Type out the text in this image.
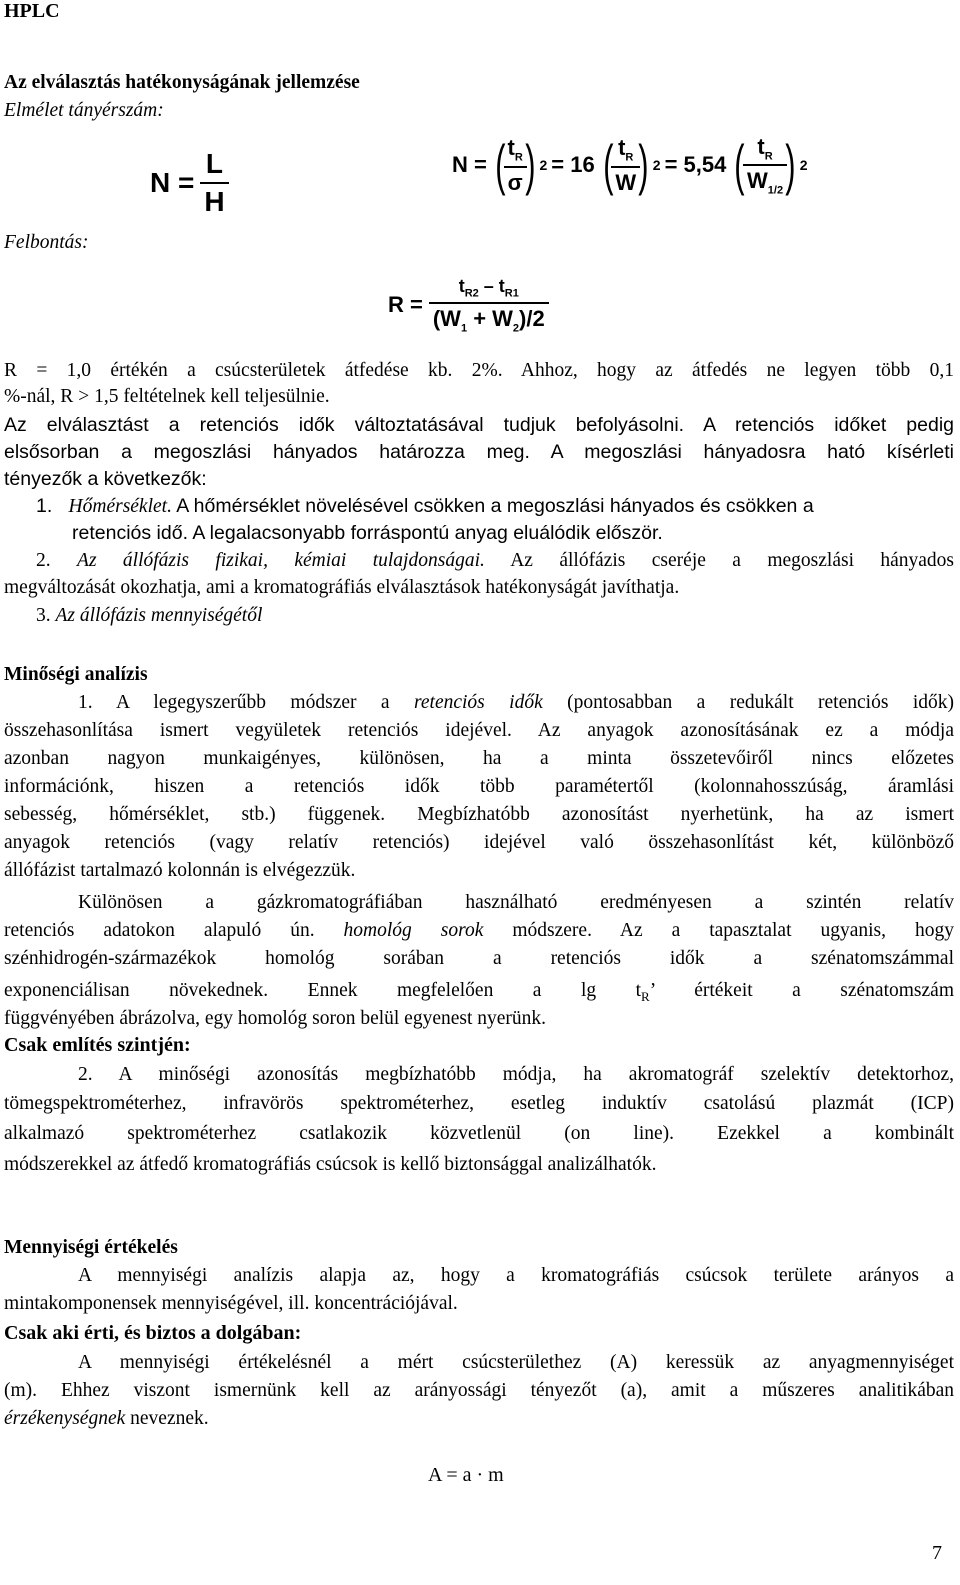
HPLC
Az elválasztás hatékonyságának jellemzése
Elmélet tányérszám:
$N = \frac{L}{H}$	N = (
$\frac{t_R}{\sigma}$
) 2 = 16 (
$\frac{t_R}{W}$
) 2 = 5,54 (
$\frac{t_R}{W_{1/2}}$
) 2
Felbontás:
$R = \frac{t_{R2} - t_{R1}}{(W_1 + W_2)/2}$
R = 1,0 értékén a csúcsterületek átfedése kb. 2%. Ahhoz, hogy az átfedés ne legyen több 0,1
%-nál, R > 1,5 feltételnek kell teljesülnie.
Az elválasztást a retenciós idők változtatásával tudjuk befolyásolni. A retenciós időket pedig
elsősorban a megoszlási hányados határozza meg. A megoszlási hányadosra ható kísérleti
tényezők a következők:
1. Hőmérséklet. A hőmérséklet növelésével csökken a megoszlási hányados és csökken a
retenciós idő. A legalacsonyabb forráspontú anyag eluálódik először.
2. Az állófázis fizikai, kémiai tulajdonságai. Az állófázis cseréje a megoszlási hányados
megváltozását okozhatja, ami a kromatográfiás elválasztások hatékonyságát javíthatja.
3. Az állófázis mennyiségétől
Minőségi analízis
1. A legegyszerűbb módszer a retenciós idők (pontosabban a redukált retenciós idők)
összehasonlítása ismert vegyületek retenciós idejével. Az anyagok azonosításának ez a módja
azonban nagyon munkaigényes, különösen, ha a minta összetevőiről nincs előzetes
információnk, hiszen a retenciós idők több paramétertől (kolonnahosszúság, áramlási
sebesség, hőmérséklet, stb.) függenek. Megbízhatóbb azonosítást nyerhetünk, ha az ismert
anyagok retenciós (vagy relatív retenciós) idejével való összehasonlítást két, különböző
állófázist tartalmazó kolonnán is elvégezzük.
Különösen a gázkromatográfiában használható eredményesen a szintén relatív
retenciós adatokon alapuló ún. homológ sorok módszere. Az a tapasztalat ugyanis, hogy
szénhidrogén-származékok homológ sorában a retenciós idők a szénatomszámmal
exponenciálisan növekednek. Ennek megfelelően a $\lg t_R$’ értékeit a szénatomszám
függvényében ábrázolva, egy homológ soron belül egyenest nyerünk.
Csak említés szintjén:
2. A minőségi azonosítás megbízhatóbb módja, ha akromatográf szelektív detektorhoz,
tömegspektrométerhez, infravörös spektrométerhez, esetleg induktív csatolású plazmát (ICP)
alkalmazó spektrométerhez csatlakozik közvetlenül (on line). Ezekkel a kombinált
módszerekkel az átfedő kromatográfiás csúcsok is kellő biztonsággal analizálhatók.
Mennyiségi értékelés
A mennyiségi analízis alapja az, hogy a kromatográfiás csúcsok területe arányos a
mintakomponensek mennyiségével, ill. koncentrációjával.
Csak aki érti, és biztos a dolgában:
A mennyiségi értékelésnél a mért csúcsterülethez (A) keressük az anyagmennyiséget
(m). Ehhez viszont ismernünk kell az arányossági tényezőt (a), amit a műszeres analitikában
érzékenységnek neveznek.
A = a · m
7
